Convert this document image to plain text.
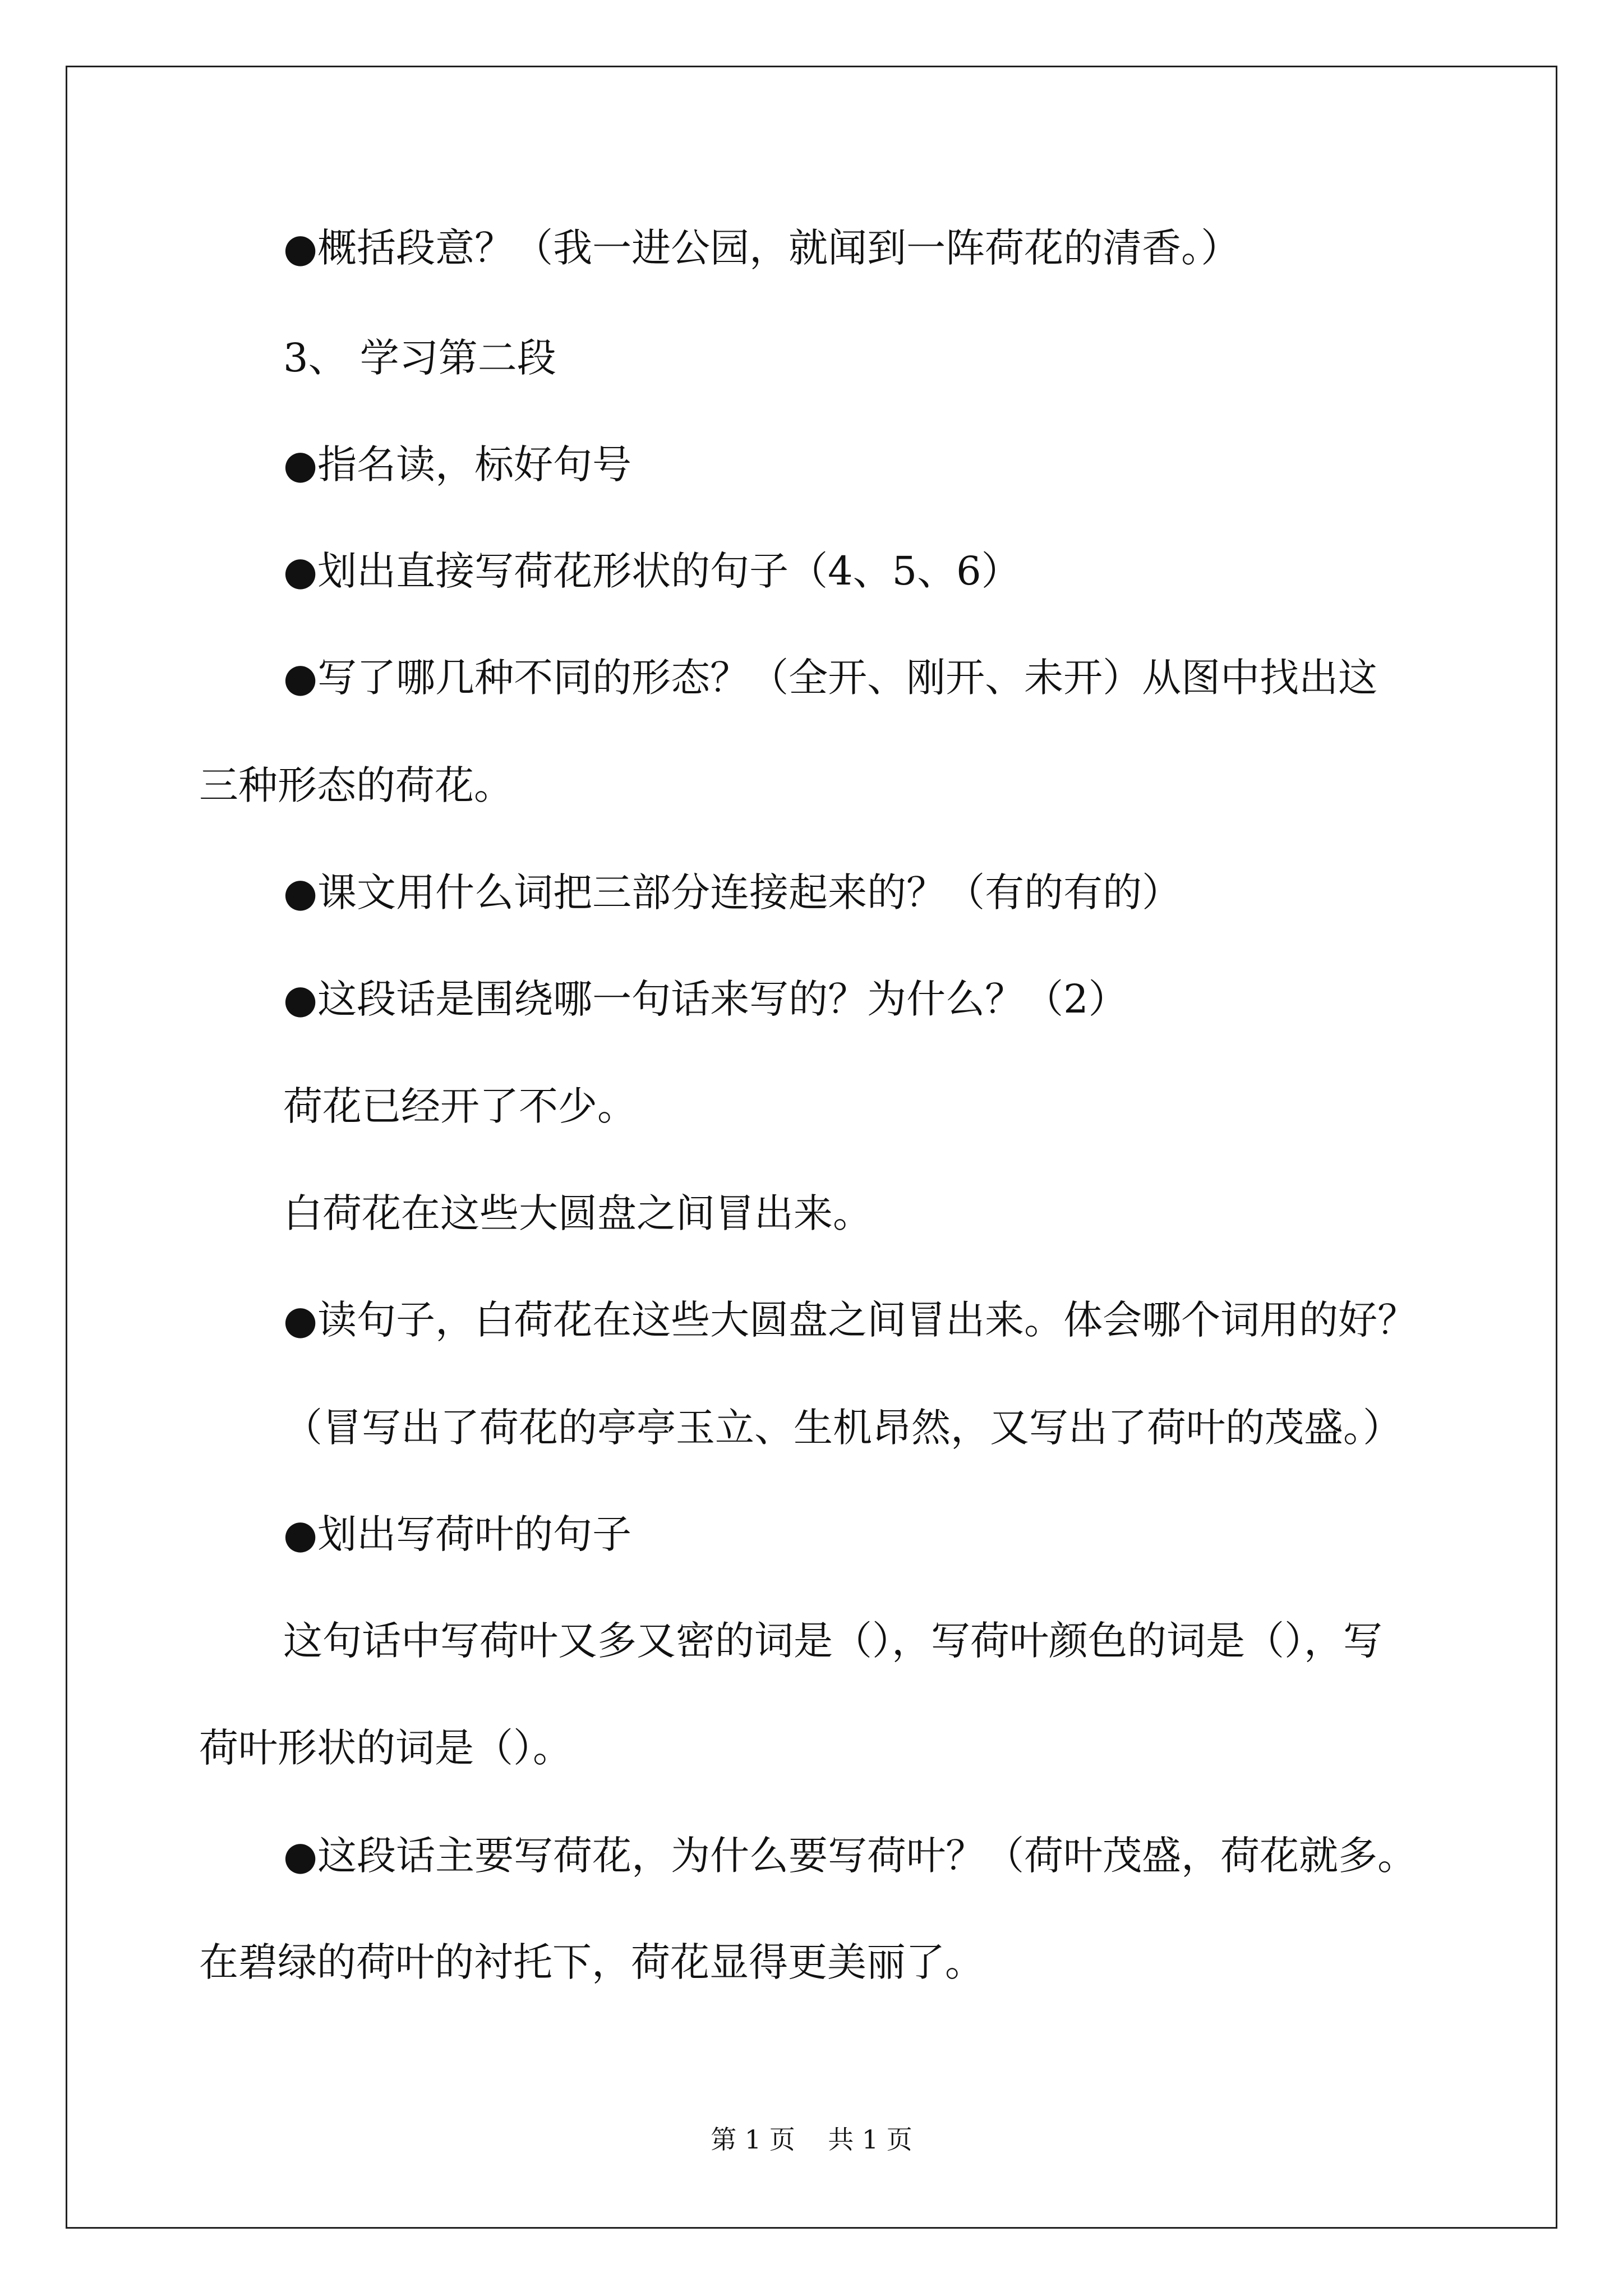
●概括段意？（我一进公园，就闻到一阵荷花的清香。）
3、 学习第二段
●指名读，标好句号
●划出直接写荷花形状的句子（4、5、6）
●写了哪几种不同的形态？（全开、刚开、未开）从图中找出这
三种形态的荷花。
●课文用什么词把三部分连接起来的？（有的有的）
●这段话是围绕哪一句话来写的？为什么？（2）
荷花已经开了不少。
白荷花在这些大圆盘之间冒出来。
●读句子，白荷花在这些大圆盘之间冒出来。体会哪个词用的好？
（冒写出了荷花的亭亭玉立、生机昂然，又写出了荷叶的茂盛。）
●划出写荷叶的句子
这句话中写荷叶又多又密的词是（），写荷叶颜色的词是（），写
荷叶形状的词是（）。
●这段话主要写荷花，为什么要写荷叶？（荷叶茂盛，荷花就多。
在碧绿的荷叶的衬托下，荷花显得更美丽了。
第 1 页 共 1 页
